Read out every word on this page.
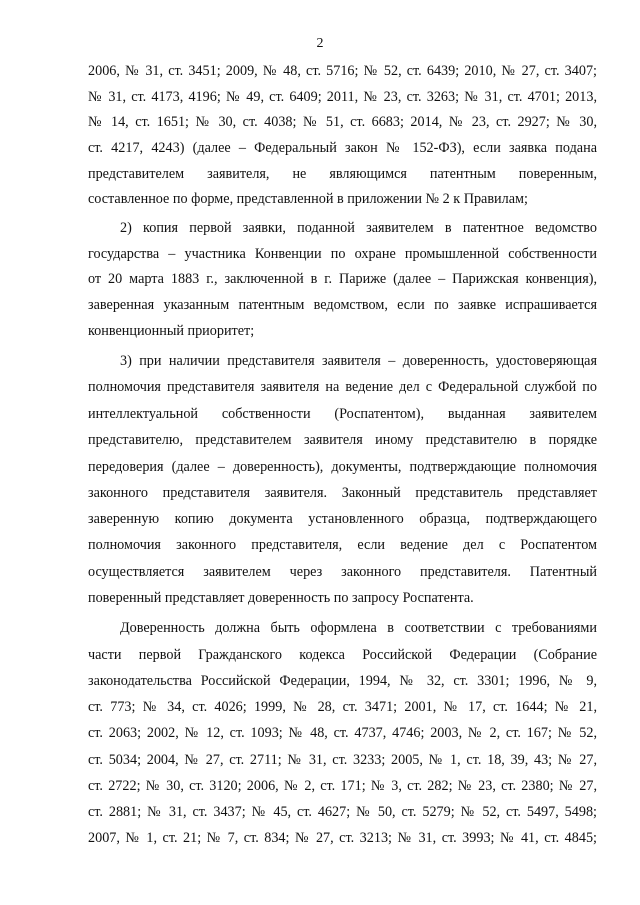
2
2006, № 31, ст. 3451; 2009, № 48, ст. 5716; № 52, ст. 6439; 2010, № 27, ст. 3407;
№ 31, ст. 4173, 4196; № 49, ст. 6409; 2011, № 23, ст. 3263; № 31, ст. 4701; 2013,
№ 14, ст. 1651; № 30, ст. 4038; № 51, ст. 6683; 2014, № 23, ст. 2927; № 30,
ст. 4217, 4243) (далее – Федеральный закон № 152-ФЗ), если заявка подана
представителем заявителя, не являющимся патентным поверенным,
составленное по форме, представленной в приложении № 2 к Правилам;
2) копия первой заявки, поданной заявителем в патентное ведомство
государства – участника Конвенции по охране промышленной собственности
от 20 марта 1883 г., заключенной в г. Париже (далее – Парижская конвенция),
заверенная указанным патентным ведомством, если по заявке испрашивается
конвенционный приоритет;
3) при наличии представителя заявителя – доверенность, удостоверяющая
полномочия представителя заявителя на ведение дел с Федеральной службой по
интеллектуальной собственности (Роспатентом), выданная заявителем
представителю, представителем заявителя иному представителю в порядке
передоверия (далее – доверенность), документы, подтверждающие полномочия
законного представителя заявителя. Законный представитель представляет
заверенную копию документа установленного образца, подтверждающего
полномочия законного представителя, если ведение дел с Роспатентом
осуществляется заявителем через законного представителя. Патентный
поверенный представляет доверенность по запросу Роспатента.
Доверенность должна быть оформлена в соответствии с требованиями
части первой Гражданского кодекса Российской Федерации (Собрание
законодательства Российской Федерации, 1994, № 32, ст. 3301; 1996, № 9,
ст. 773; № 34, ст. 4026; 1999, № 28, ст. 3471; 2001, № 17, ст. 1644; № 21,
ст. 2063; 2002, № 12, ст. 1093; № 48, ст. 4737, 4746; 2003, № 2, ст. 167; № 52,
ст. 5034; 2004, № 27, ст. 2711; № 31, ст. 3233; 2005, № 1, ст. 18, 39, 43; № 27,
ст. 2722; № 30, ст. 3120; 2006, № 2, ст. 171; № 3, ст. 282; № 23, ст. 2380; № 27,
ст. 2881; № 31, ст. 3437; № 45, ст. 4627; № 50, ст. 5279; № 52, ст. 5497, 5498;
2007, № 1, ст. 21; № 7, ст. 834; № 27, ст. 3213; № 31, ст. 3993; № 41, ст. 4845;
